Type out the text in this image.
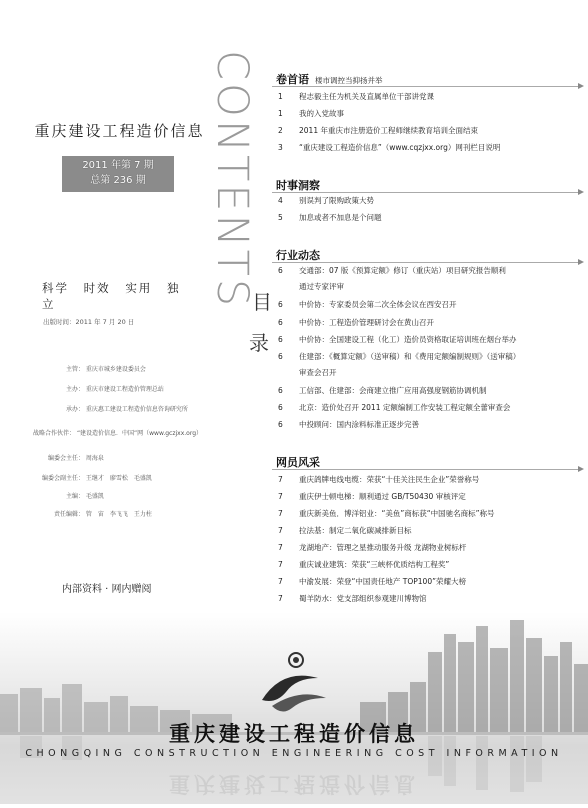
重庆建设工程造价信息
2011 年第 7 期
总第 236 期
科学 时效 实用 独立
出版时间：2011 年 7 月 20 日
主管： 重庆市城乡建设委员会
主办： 重庆市建设工程造价管理总站
承办： 重庆惠工建设工程造价信息咨询研究所
战略合作伙伴： “建设造价信息．中国”网（www.gczjxx.org）
编委会主任： 周海泉
编委会副主任： 王继才　廖雪松　毛盛凯
主编： 毛盛凯
责任编辑： 管　宙　李飞飞　王力柱
内部资料 · 网内赠阅
CONTENTS
目
录
卷首语 楼市调控当抑扬并举
1	程志毅主任为机关及直属单位干部讲党课
1	我的入党故事
2	2011 年重庆市注册造价工程师继续教育培训全面结束
3	“重庆建设工程造价信息”（www.cqzjxx.org）网刊栏目说明
时事洞察
4	别误判了限购政策大势
5	加息或者不加息是个问题
行业动态
6	交通部：07 版《预算定额》修订（重庆站）项目研究报告顺利
通过专家评审
6	中价协：专家委员会第二次全体会议在西安召开
6	中价协：工程造价管理研讨会在黄山召开
6	中价协：全国建设工程（化工）造价员资格取证培训班在烟台举办
6	住建部：《概算定额》（送审稿）和《费用定额编制规则》（送审稿）
审查会召开
6	工信部、住建部：会商建立推广应用高强度钢筋协调机制
6	北京：造价处召开 2011 定额编制工作安装工程定额全蕾审查会
6	中投顾问：国内涂料标准正逐步完善
网员风采
7	重庆鸽牌电线电缆：荣获“十佳关注民生企业”荣誉称号
7	重庆伊士顿电梯：顺利通过 GB/T50430 审核评定
7	重庆新美鱼．博洋铝业：“美鱼”商标获“中国驰名商标”称号
7	拉法基：制定二氧化碳减排新目标
7	龙湖地产：管理之星推动服务升级 龙湖物业树标杆
7	重庆诚业建筑：荣获“三峡杯优质结构工程奖”
7	中渝发展：荣登“中国责任地产 TOP100”荣耀大榜
7	蜀羊防水：党支部组织参观建川博物馆
重庆建设工程造价信息
CHONGQING CONSTRUCTION ENGINEERING COST INFORMATION
重庆建设工程造价信息
